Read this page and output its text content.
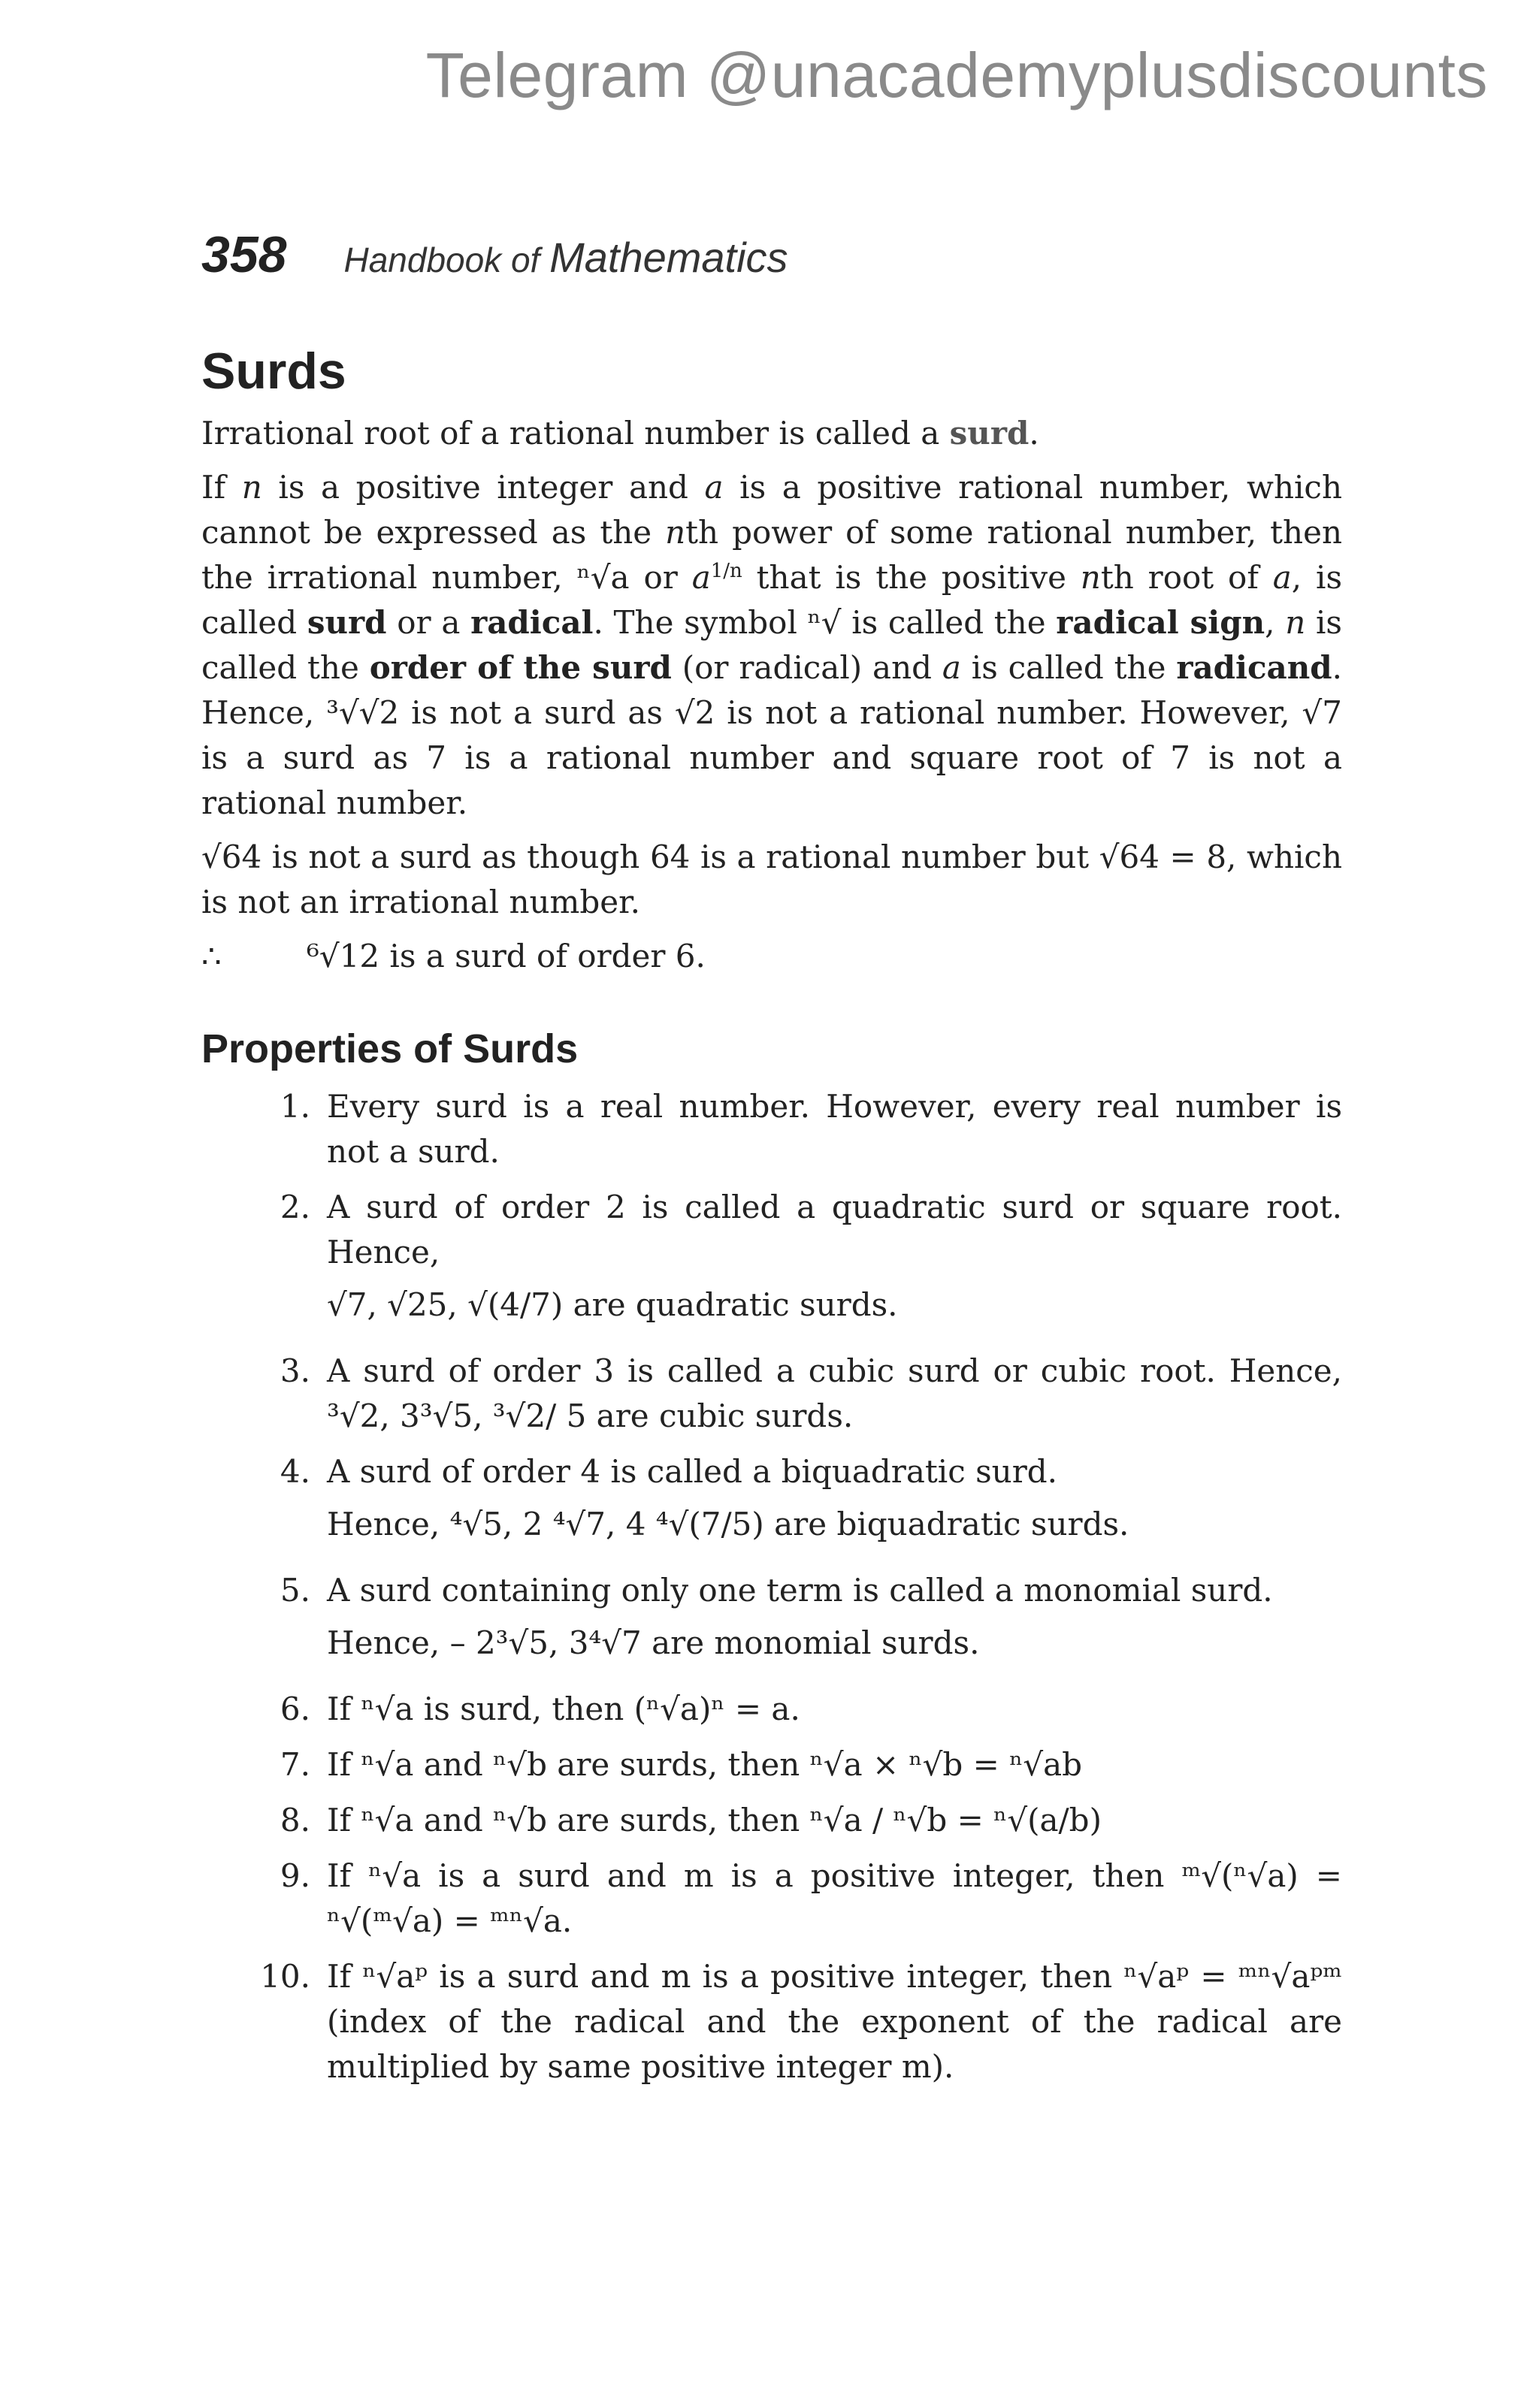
Telegram @unacademyplusdiscounts
358 Handbook of Mathematics
Surds

Irrational root of a rational number is called a surd.

If n is a positive integer and a is a positive rational number, which cannot be expressed as the nth power of some rational number, then the irrational number, ⁿ√a or $a^{1/n}$ that is the positive nth root of a, is called surd or a radical. The symbol ⁿ√ is called the radical sign, n is called the order of the surd (or radical) and a is called the radicand. Hence, ³√√2 is not a surd as √2 is not a rational number. However, √7 is a surd as 7 is a rational number and square root of 7 is not a rational number.

√64 is not a surd as though 64 is a rational number but √64 = 8, which is not an irrational number.

∴	⁶√12 is a surd of order 6.

Properties of Surds
1. Every surd is a real number. However, every real number is not a surd.
2. A surd of order 2 is called a quadratic surd or square root. Hence,
√7, √25, √(4/7) are quadratic surds.
3. A surd of order 3 is called a cubic surd or cubic root. Hence, ³√2, 3³√5, ³√2/ 5 are cubic surds.
4. A surd of order 4 is called a biquadratic surd.
Hence, ⁴√5, 2 ⁴√7, 4 ⁴√(7/5) are biquadratic surds.
5. A surd containing only one term is called a monomial surd.
Hence, – 2³√5, 3⁴√7 are monomial surds.
6. If ⁿ√a is surd, then (ⁿ√a)ⁿ = a.
7. If ⁿ√a and ⁿ√b are surds, then ⁿ√a × ⁿ√b = ⁿ√ab
8. If ⁿ√a and ⁿ√b are surds, then ⁿ√a / ⁿ√b = ⁿ√(a/b)
9. If ⁿ√a is a surd and m is a positive integer, then ᵐ√(ⁿ√a) = ⁿ√(ᵐ√a) = ᵐⁿ√a.
10. If ⁿ√aᵖ is a surd and m is a positive integer, then ⁿ√aᵖ = ᵐⁿ√aᵖᵐ (index of the radical and the exponent of the radical are multiplied by same positive integer m).
